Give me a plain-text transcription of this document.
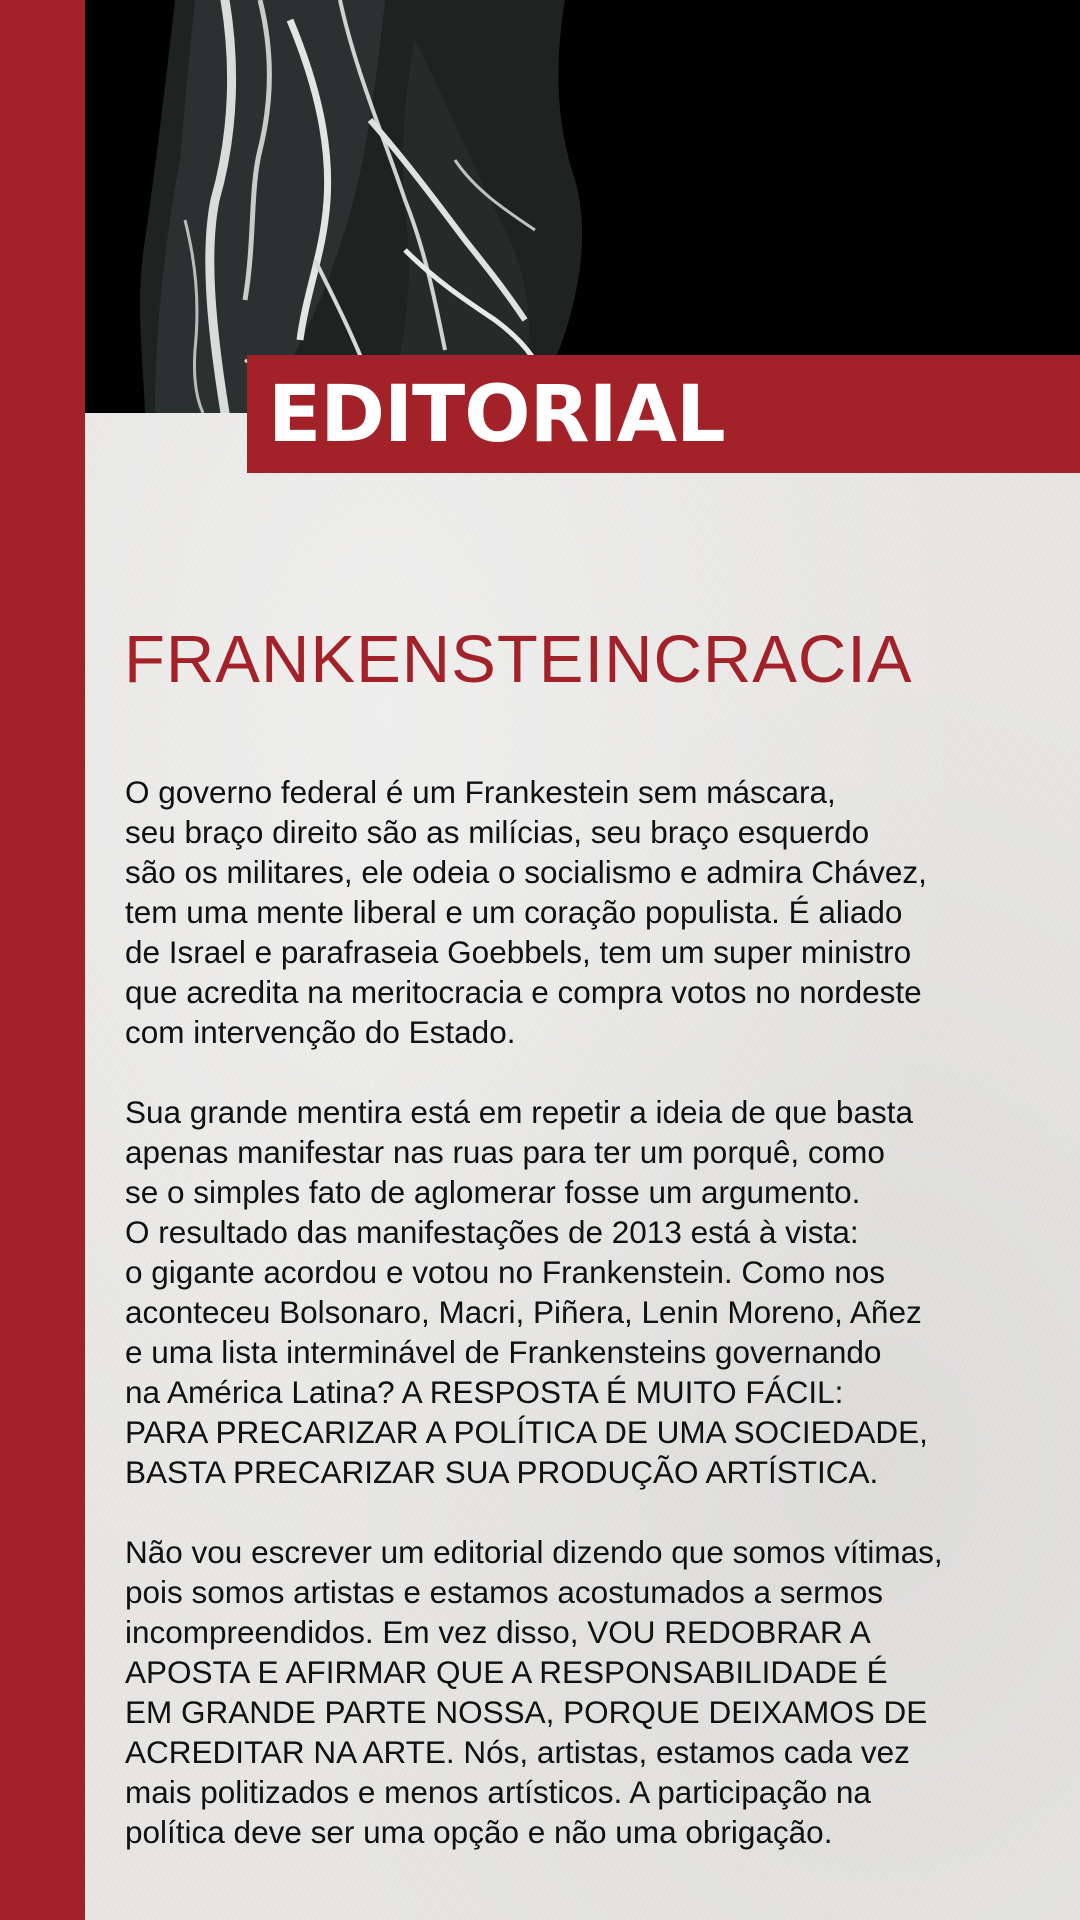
EDITORIAL
FRANKENSTEINCRACIA

O governo federal é um Frankestein sem máscara,
seu braço direito são as milícias, seu braço esquerdo
são os militares, ele odeia o socialismo e admira Chávez,
tem uma mente liberal e um coração populista. É aliado
de Israel e parafraseia Goebbels, tem um super ministro
que acredita na meritocracia e compra votos no nordeste
com intervenção do Estado.

Sua grande mentira está em repetir a ideia de que basta
apenas manifestar nas ruas para ter um porquê, como
se o simples fato de aglomerar fosse um argumento.
O resultado das manifestações de 2013 está à vista:
o gigante acordou e votou no Frankenstein. Como nos
aconteceu Bolsonaro, Macri, Piñera, Lenin Moreno, Añez
e uma lista interminável de Frankensteins governando
na América Latina? A RESPOSTA É MUITO FÁCIL:
PARA PRECARIZAR A POLÍTICA DE UMA SOCIEDADE,
BASTA PRECARIZAR SUA PRODUÇÃO ARTÍSTICA.

Não vou escrever um editorial dizendo que somos vítimas,
pois somos artistas e estamos acostumados a sermos
incompreendidos. Em vez disso, VOU REDOBRAR A
APOSTA E AFIRMAR QUE A RESPONSABILIDADE É
EM GRANDE PARTE NOSSA, PORQUE DEIXAMOS DE
ACREDITAR NA ARTE. Nós, artistas, estamos cada vez
mais politizados e menos artísticos. A participação na
política deve ser uma opção e não uma obrigação.
